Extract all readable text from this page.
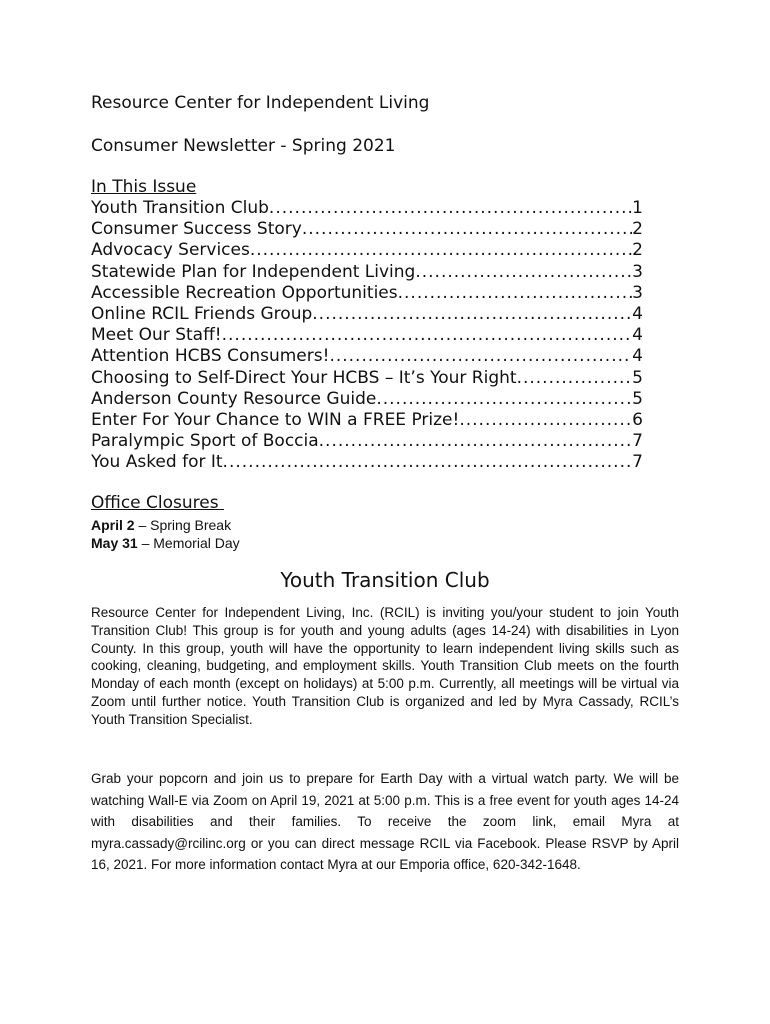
Resource Center for Independent Living
Consumer Newsletter - Spring 2021
In This Issue
Youth Transition Club .....	1
Consumer Success Story .....	2
Advocacy Services .....	2
Statewide Plan for Independent Living .....	3
Accessible Recreation Opportunities .....	3
Online RCIL Friends Group .....	4
Meet Our Staff! .....	4
Attention HCBS Consumers! .....	4
Choosing to Self-Direct Your HCBS – It’s Your Right .....	5
Anderson County Resource Guide .....	5
Enter For Your Chance to WIN a FREE Prize! .....	6
Paralympic Sport of Boccia .....	7
You Asked for It .....	7
Office Closures
April 2 – Spring Break
May 31 – Memorial Day
Youth Transition Club

Resource Center for Independent Living, Inc. (RCIL) is inviting you/your student to join Youth Transition Club! This group is for youth and young adults (ages 14-24) with disabilities in Lyon County. In this group, youth will have the opportunity to learn independent living skills such as cooking, cleaning, budgeting, and employment skills. Youth Transition Club meets on the fourth Monday of each month (except on holidays) at 5:00 p.m. Currently, all meetings will be virtual via Zoom until further notice. Youth Transition Club is organized and led by Myra Cassady, RCIL’s Youth Transition Specialist.

Grab your popcorn and join us to prepare for Earth Day with a virtual watch party. We will be watching Wall-E via Zoom on April 19, 2021 at 5:00 p.m. This is a free event for youth ages 14-24 with disabilities and their families. To receive the zoom link, email Myra at myra.cassady@rcilinc.org or you can direct message RCIL via Facebook. Please RSVP by April 16, 2021. For more information contact Myra at our Emporia office, 620-342-1648.
